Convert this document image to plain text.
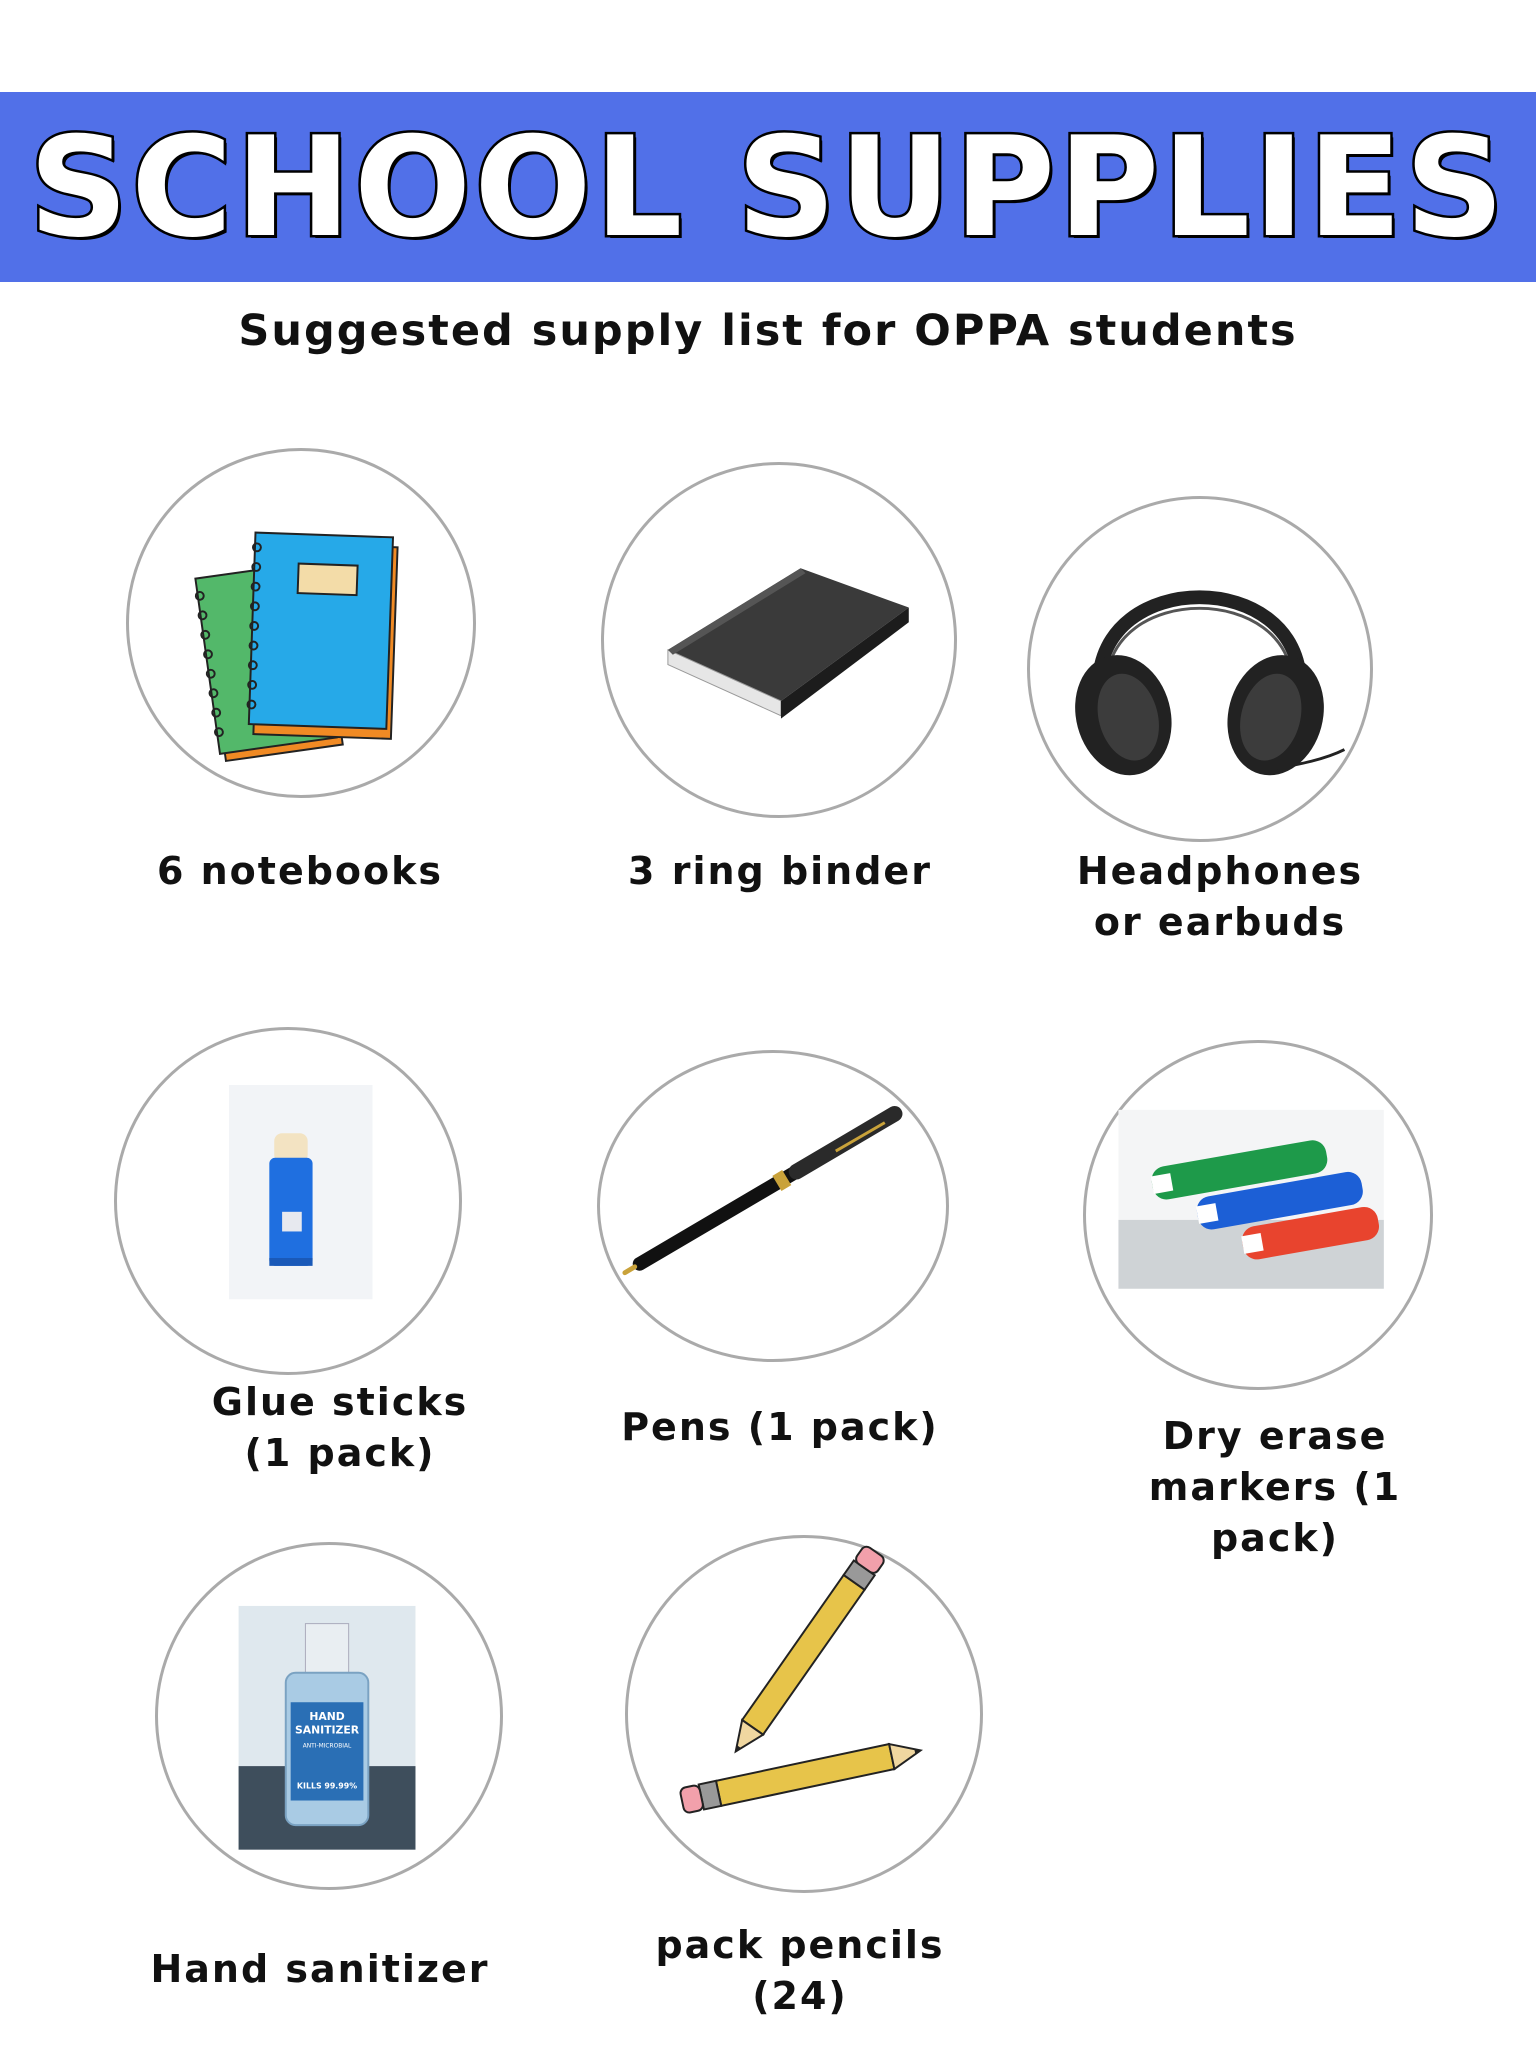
SCHOOL SUPPLIES
Suggested supply list for OPPA students
6 notebooks	3 ring binder	Headphones
or earbuds
Glue sticks
(1 pack)
Pens (1 pack)	Dry erase
markers (1
pack)
HAND
SANITIZER
ANTI-MICROBIAL
KILLS 99.99%
Hand sanitizer
pack pencils
(24)
